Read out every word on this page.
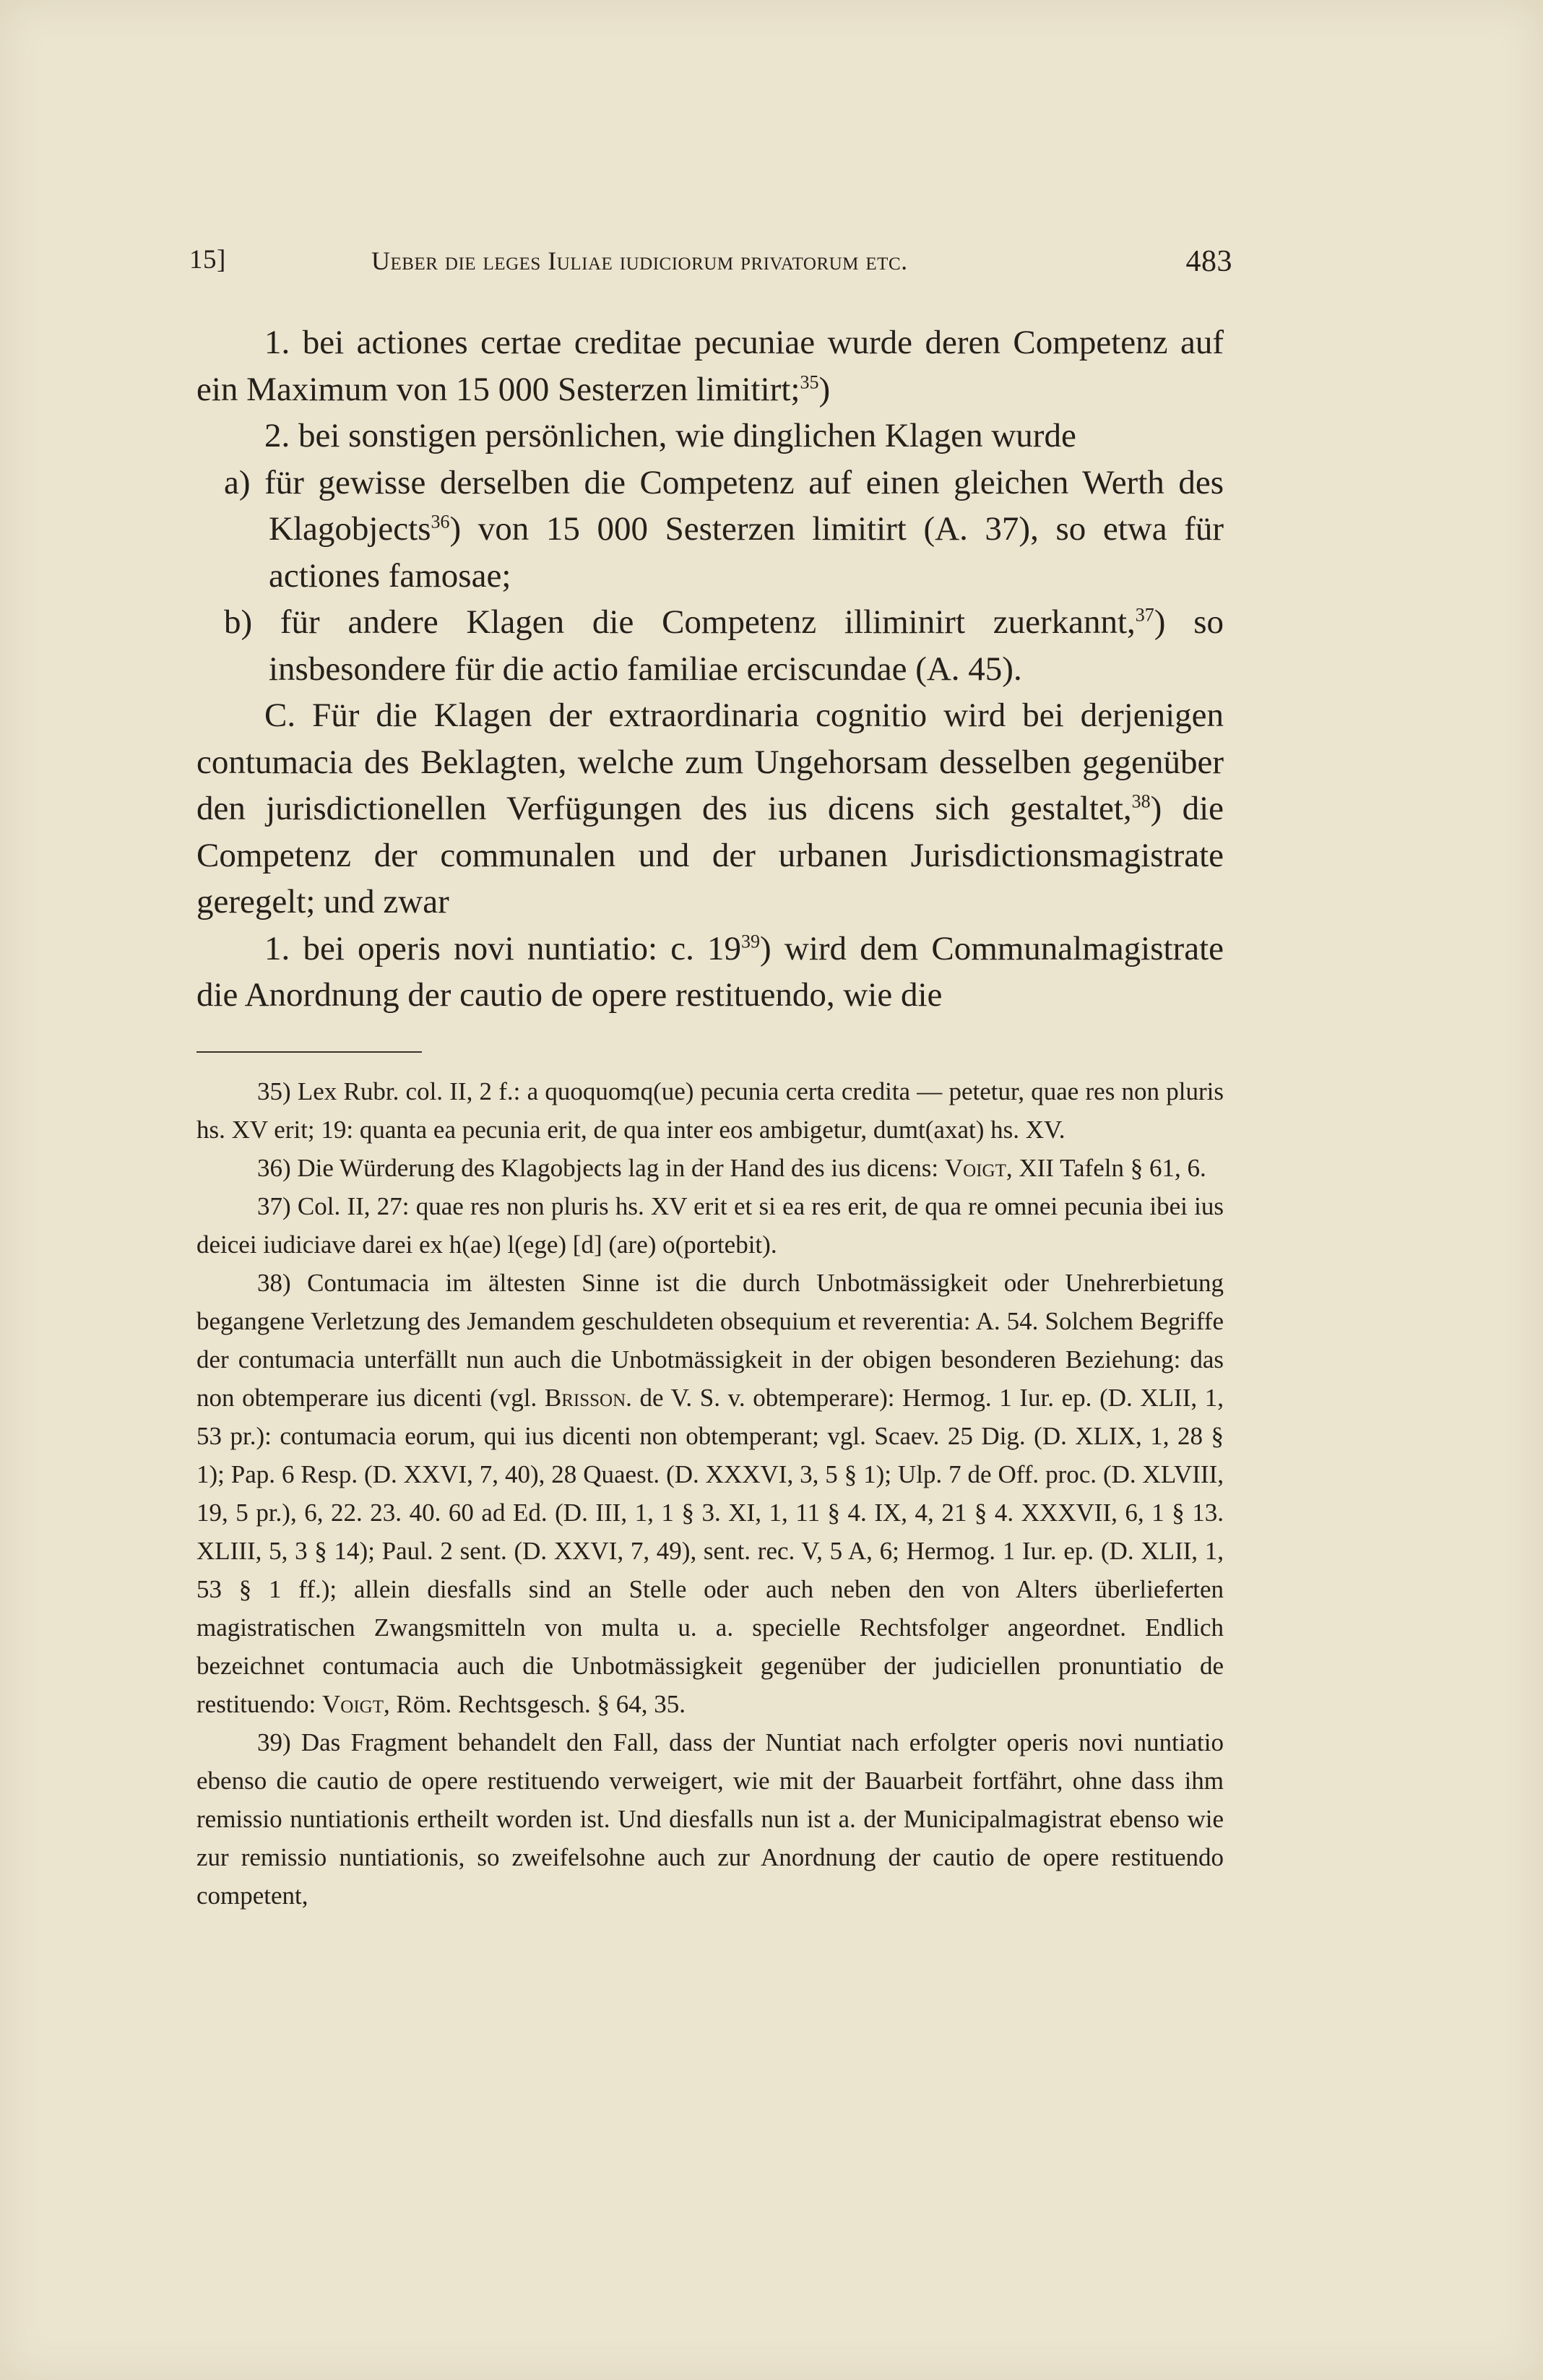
15]	Ueber die leges Iuliae iudiciorum privatorum etc.	483

1. bei actiones certae creditae pecuniae wurde deren Competenz auf ein Maximum von 15 000 Sesterzen limitirt;$^{35}$)

2. bei sonstigen persönlichen, wie dinglichen Klagen wurde

a) für gewisse derselben die Competenz auf einen gleichen Werth des Klagobjects$^{36}$) von 15 000 Sesterzen limitirt (A. 37), so etwa für actiones famosae;

b) für andere Klagen die Competenz illiminirt zuerkannt,$^{37}$) so insbesondere für die actio familiae erciscundae (A. 45).

C. Für die Klagen der extraordinaria cognitio wird bei derjenigen contumacia des Beklagten, welche zum Ungehorsam desselben gegenüber den jurisdictionellen Verfügungen des ius dicens sich gestaltet,$^{38}$) die Competenz der communalen und der urbanen Jurisdictionsmagistrate geregelt; und zwar

1. bei operis novi nuntiatio: c. $19^{39}$) wird dem Communalmagistrate die Anordnung der cautio de opere restituendo, wie die

35) Lex Rubr. col. II, 2 f.: a quoquomq(ue) pecunia certa credita — petetur, quae res non pluris hs. XV erit; 19: quanta ea pecunia erit, de qua inter eos ambigetur, dumt(axat) hs. XV.

36) Die Würderung des Klagobjects lag in der Hand des ius dicens: Voigt, XII Tafeln § 61, 6.

37) Col. II, 27: quae res non pluris hs. XV erit et si ea res erit, de qua re omnei pecunia ibei ius deicei iudiciave darei ex h(ae) l(ege) [d] (are) o(portebit).

38) Contumacia im ältesten Sinne ist die durch Unbotmässigkeit oder Unehrerbietung begangene Verletzung des Jemandem geschuldeten obsequium et reverentia: A. 54. Solchem Begriffe der contumacia unterfällt nun auch die Unbotmässigkeit in der obigen besonderen Beziehung: das non obtemperare ius dicenti (vgl. Brisson. de V. S. v. obtemperare): Hermog. 1 Iur. ep. (D. XLII, 1, 53 pr.): contumacia eorum, qui ius dicenti non obtemperant; vgl. Scaev. 25 Dig. (D. XLIX, 1, 28 § 1); Pap. 6 Resp. (D. XXVI, 7, 40), 28 Quaest. (D. XXXVI, 3, 5 § 1); Ulp. 7 de Off. proc. (D. XLVIII, 19, 5 pr.), 6, 22. 23. 40. 60 ad Ed. (D. III, 1, 1 § 3. XI, 1, 11 § 4. IX, 4, 21 § 4. XXXVII, 6, 1 § 13. XLIII, 5, 3 § 14); Paul. 2 sent. (D. XXVI, 7, 49), sent. rec. V, 5 A, 6; Hermog. 1 Iur. ep. (D. XLII, 1, 53 § 1 ff.); allein diesfalls sind an Stelle oder auch neben den von Alters überlieferten magistratischen Zwangsmitteln von multa u. a. specielle Rechtsfolger angeordnet. Endlich bezeichnet contumacia auch die Unbotmässigkeit gegenüber der judiciellen pronuntiatio de restituendo: Voigt, Röm. Rechtsgesch. § 64, 35.

39) Das Fragment behandelt den Fall, dass der Nuntiat nach erfolgter operis novi nuntiatio ebenso die cautio de opere restituendo verweigert, wie mit der Bauarbeit fortfährt, ohne dass ihm remissio nuntiationis ertheilt worden ist. Und diesfalls nun ist a. der Municipalmagistrat ebenso wie zur remissio nuntiationis, so zweifelsohne auch zur Anordnung der cautio de opere restituendo competent,
